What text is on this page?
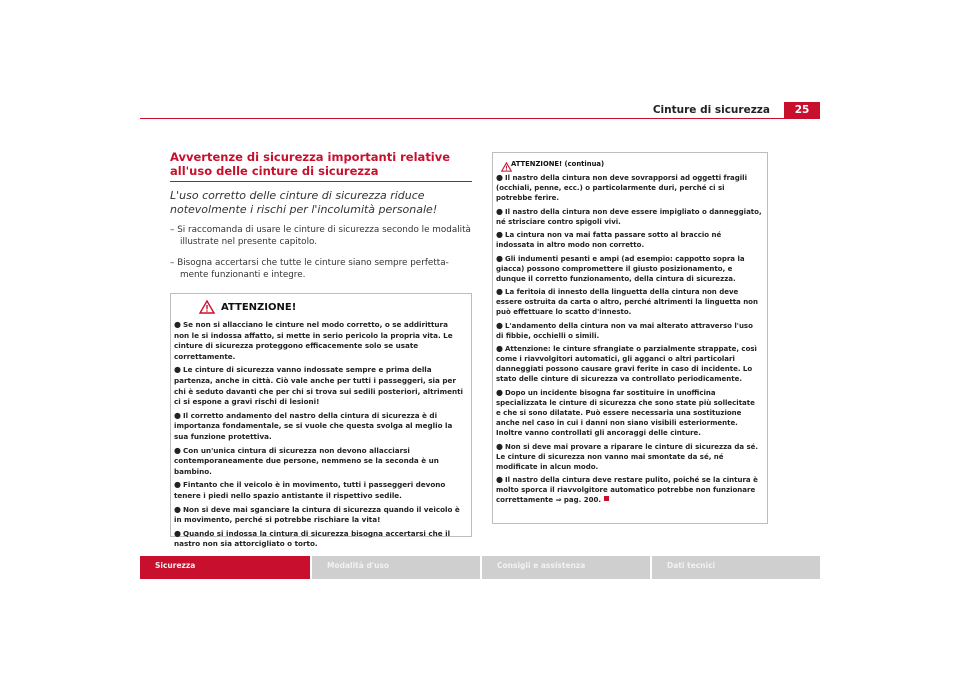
Cinture di sicurezza	25
Avvertenze di sicurezza importanti relative all'uso delle cinture di sicurezza

L'uso corretto delle cinture di sicurezza riduce notevolmente i rischi per l'incolumità personale!

– Si raccomanda di usare le cinture di sicurezza secondo le modalità illustrate nel presente capitolo.
– Bisogna accertarsi che tutte le cinture siano sempre perfettamente funzionanti e integre.
ATTENZIONE!
● Se non si allacciano le cinture nel modo corretto, o se addirittura non le si indossa affatto, si mette in serio pericolo la propria vita. Le cinture di sicurezza proteggono efficacemente solo se usate correttamente.
● Le cinture di sicurezza vanno indossate sempre e prima della partenza, anche in città. Ciò vale anche per tutti i passeggeri, sia per chi è seduto davanti che per chi si trova sui sedili posteriori, altrimenti ci si espone a gravi rischi di lesioni!
● Il corretto andamento del nastro della cintura di sicurezza è di importanza fondamentale, se si vuole che questa svolga al meglio la sua funzione protettiva.
● Con un'unica cintura di sicurezza non devono allacciarsi contemporaneamente due persone, nemmeno se la seconda è un bambino.
● Fintanto che il veicolo è in movimento, tutti i passeggeri devono tenere i piedi nello spazio antistante il rispettivo sedile.
● Non si deve mai sganciare la cintura di sicurezza quando il veicolo è in movimento, perché si potrebbe rischiare la vita!
● Quando si indossa la cintura di sicurezza bisogna accertarsi che il nastro non sia attorcigliato o torto.
ATTENZIONE! (continua)
● Il nastro della cintura non deve sovrapporsi ad oggetti fragili (occhiali, penne, ecc.) o particolarmente duri, perché ci si potrebbe ferire.
● Il nastro della cintura non deve essere impigliato o danneggiato, né strisciare contro spigoli vivi.
● La cintura non va mai fatta passare sotto al braccio né indossata in altro modo non corretto.
● Gli indumenti pesanti e ampi (ad esempio: cappotto sopra la giacca) possono compromettere il giusto posizionamento, e dunque il corretto funzionamento, della cintura di sicurezza.
● La feritoia di innesto della linguetta della cintura non deve essere ostruita da carta o altro, perché altrimenti la linguetta non può effettuare lo scatto d'innesto.
● L'andamento della cintura non va mai alterato attraverso l'uso di fibbie, occhielli o simili.
● Attenzione: le cinture sfrangiate o parzialmente strappate, così come i riavvolgitori automatici, gli agganci o altri particolari danneggiati possono causare gravi ferite in caso di incidente. Lo stato delle cinture di sicurezza va controllato periodicamente.
● Dopo un incidente bisogna far sostituire in unofficina specializzata le cinture di sicurezza che sono state più sollecitate e che si sono dilatate. Può essere necessaria una sostituzione anche nel caso in cui i danni non siano visibili esteriormente. Inoltre vanno controllati gli ancoraggi delle cinture.
● Non si deve mai provare a riparare le cinture di sicurezza da sé. Le cinture di sicurezza non vanno mai smontate da sé, né modificate in alcun modo.
● Il nastro della cintura deve restare pulito, poiché se la cintura è molto sporca il riavvolgitore automatico potrebbe non funzionare correttamente ⇒ pag. 200.
Sicurezza	Modalità d'uso	Consigli e assistenza	Dati tecnici
